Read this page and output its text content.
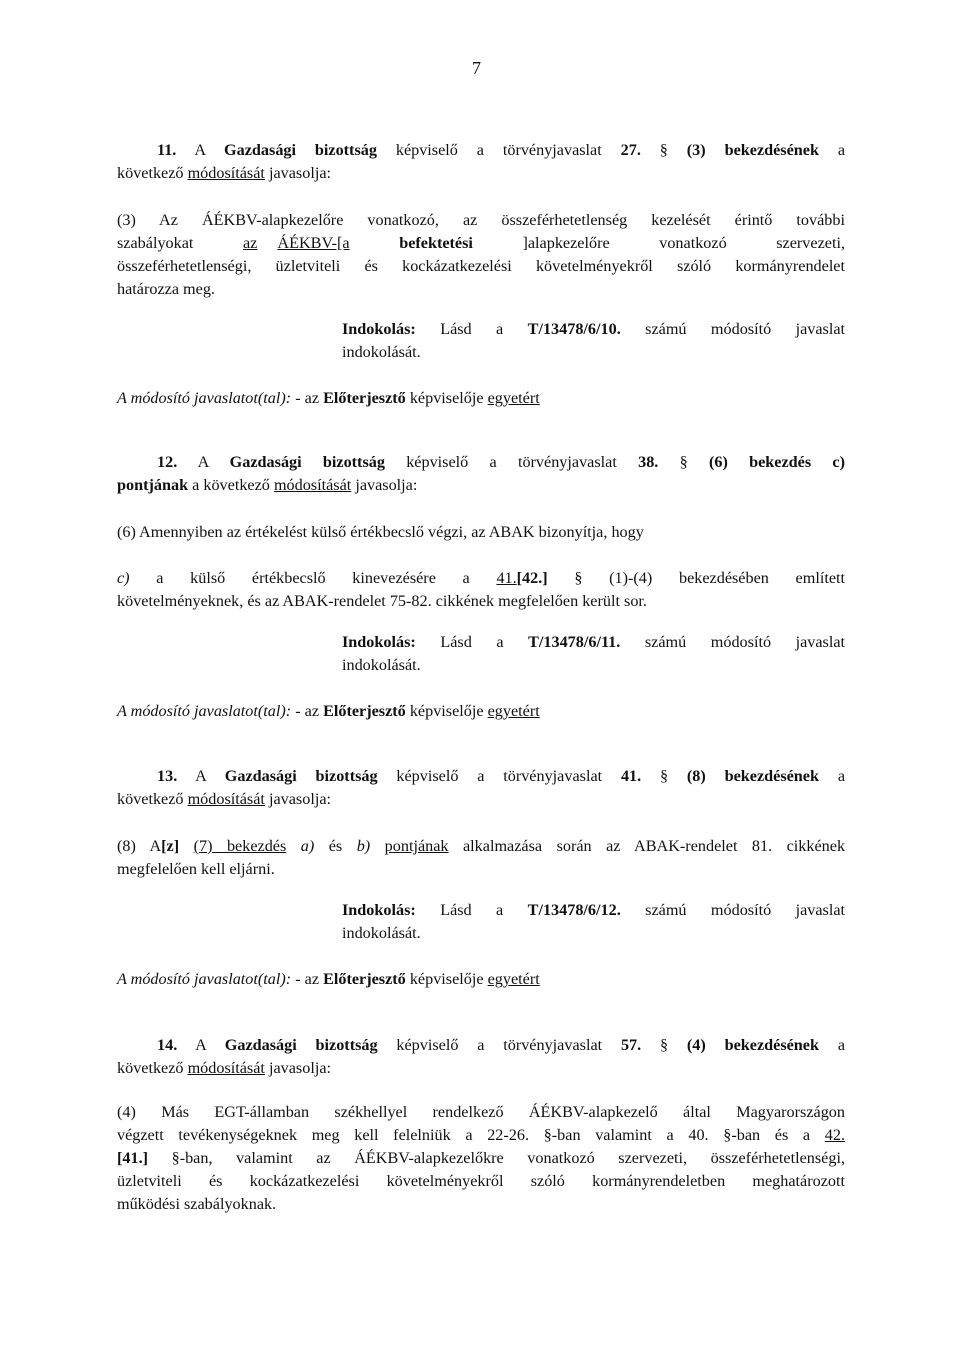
7
11. A Gazdasági bizottság képviselő a törvényjavaslat 27. § (3) bekezdésének a
következő módosítását javasolja:
(3) Az ÁÉKBV-alapkezelőre vonatkozó, az összeférhetetlenség kezelését érintő további
szabályokat	az ÁÉKBV-[a	befektetési	]alapkezelőre	vonatkozó	szervezeti,
összeférhetetlenségi, üzletviteli és kockázatkezelési követelményekről szóló kormányrendelet
határozza meg.
Indokolás: Lásd a T/13478/6/10. számú módosító javaslat
indokolását.
A módosító javaslatot(tal): - az Előterjesztő képviselője egyetért
12. A Gazdasági bizottság képviselő a törvényjavaslat 38. § (6) bekezdés c)
pontjának a következő módosítását javasolja:
(6) Amennyiben az értékelést külső értékbecslő végzi, az ABAK bizonyítja, hogy
c) a külső értékbecslő kinevezésére a 41.[42.] § (1)-(4) bekezdésében említett
követelményeknek, és az ABAK-rendelet 75-82. cikkének megfelelően került sor.
Indokolás: Lásd a T/13478/6/11. számú módosító javaslat
indokolását.
A módosító javaslatot(tal): - az Előterjesztő képviselője egyetért
13. A Gazdasági bizottság képviselő a törvényjavaslat 41. § (8) bekezdésének a
következő módosítását javasolja:
(8) A[z] (7) bekezdés a) és b) pontjának alkalmazása során az ABAK-rendelet 81. cikkének
megfelelően kell eljárni.
Indokolás: Lásd a T/13478/6/12. számú módosító javaslat
indokolását.
A módosító javaslatot(tal): - az Előterjesztő képviselője egyetért
14. A Gazdasági bizottság képviselő a törvényjavaslat 57. § (4) bekezdésének a
következő módosítását javasolja:
(4) Más EGT-államban székhellyel rendelkező ÁÉKBV-alapkezelő által Magyarországon
végzett tevékenységeknek meg kell felelniük a 22-26. §-ban valamint a 40. §-ban és a 42.
[41.] §-ban, valamint az ÁÉKBV-alapkezelőkre vonatkozó szervezeti, összeférhetetlenségi,
üzletviteli és kockázatkezelési követelményekről szóló kormányrendeletben meghatározott
működési szabályoknak.
